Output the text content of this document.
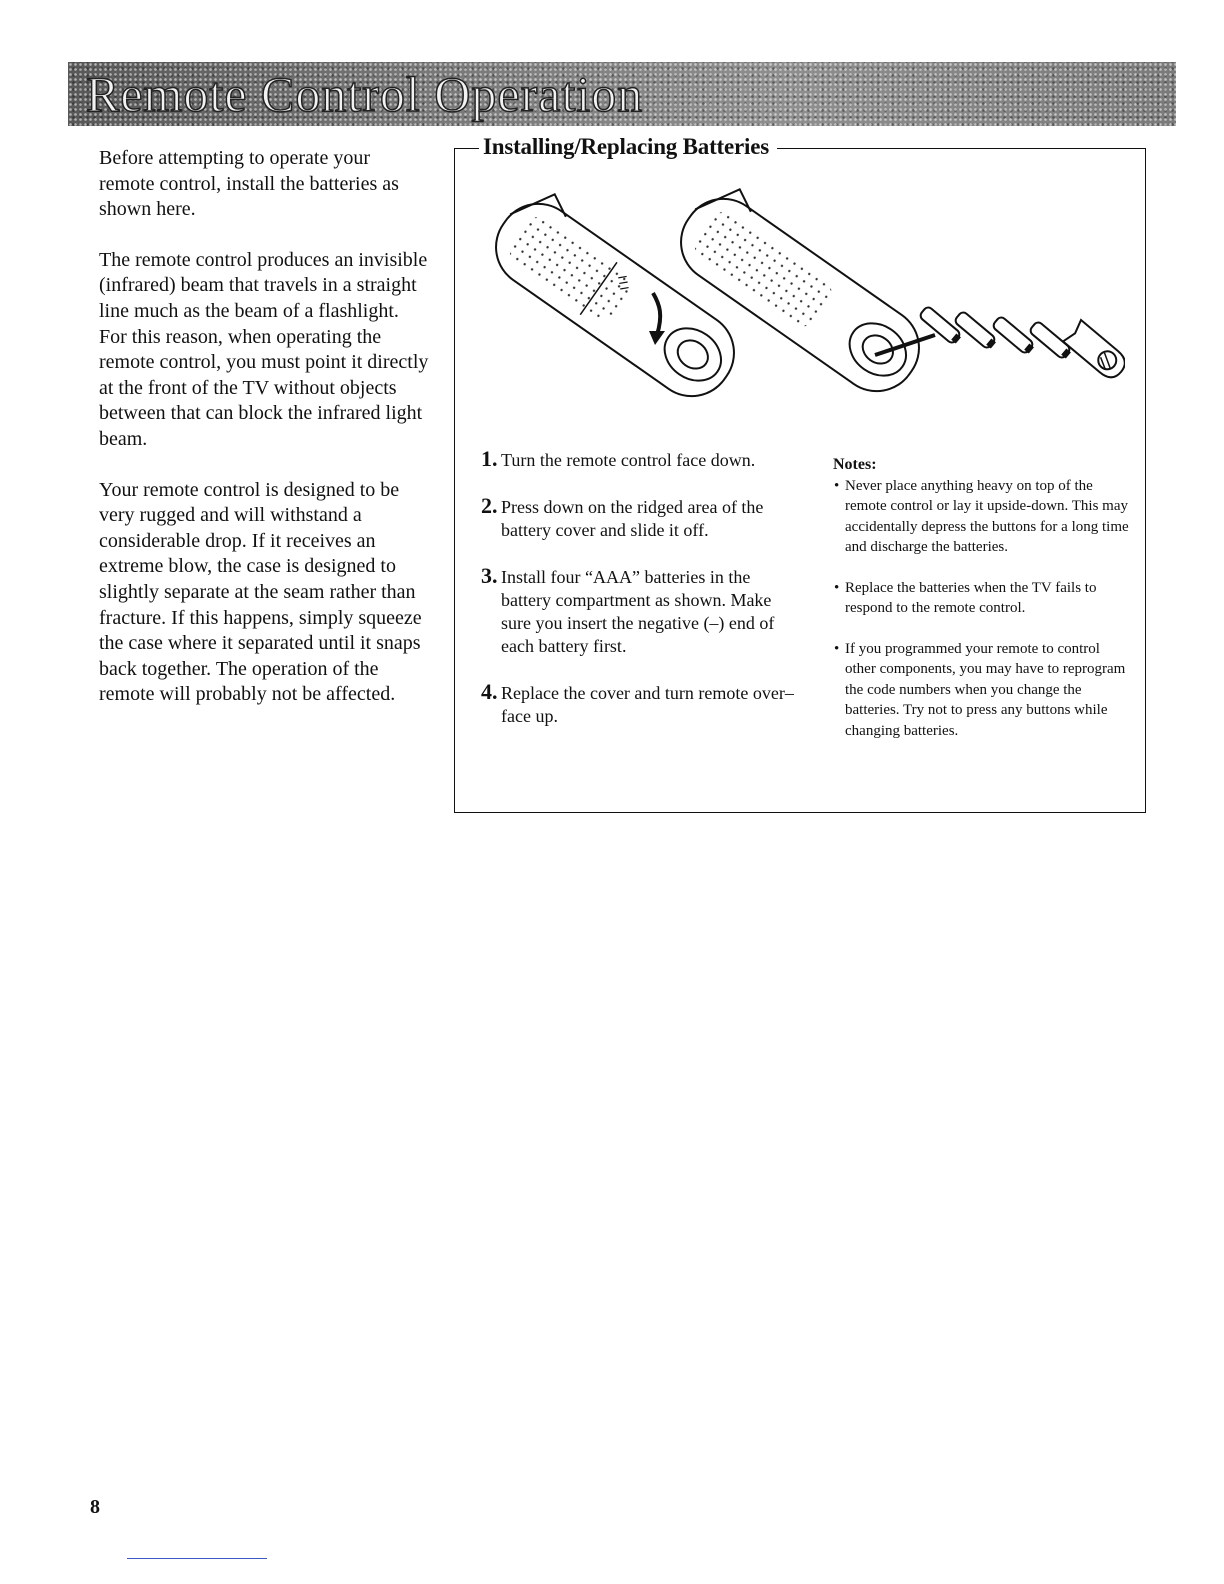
Remote Control Operation

Before attempting to operate your remote control, install the batteries as shown here.

The remote control produces an invisible (infrared) beam that travels in a straight line much as the beam of a flashlight. For this reason, when operating the remote control, you must point it directly at the front of the TV without objects between that can block the infrared light beam.

Your remote control is designed to be very rugged and will withstand a considerable drop. If it receives an extreme blow, the case is designed to slightly separate at the seam rather than fracture. If this happens, simply squeeze the case where it separated until it snaps back together. The operation of the remote will probably not be affected.

Installing/Replacing Batteries
1. Turn the remote control face down.
2. Press down on the ridged area of the battery cover and slide it off.
3. Install four “AAA” batteries in the battery compartment as shown. Make sure you insert the negative (–) end of each battery first.
4. Replace the cover and turn remote over–face up.

Notes:

• Never place anything heavy on top of the remote control or lay it upside-down. This may accidentally depress the buttons for a long time and discharge the batteries.
• Replace the batteries when the TV fails to respond to the remote control.
• If you programmed your remote to control other components, you may have to reprogram the code numbers when you change the batteries. Try not to press any buttons while changing batteries.
8
